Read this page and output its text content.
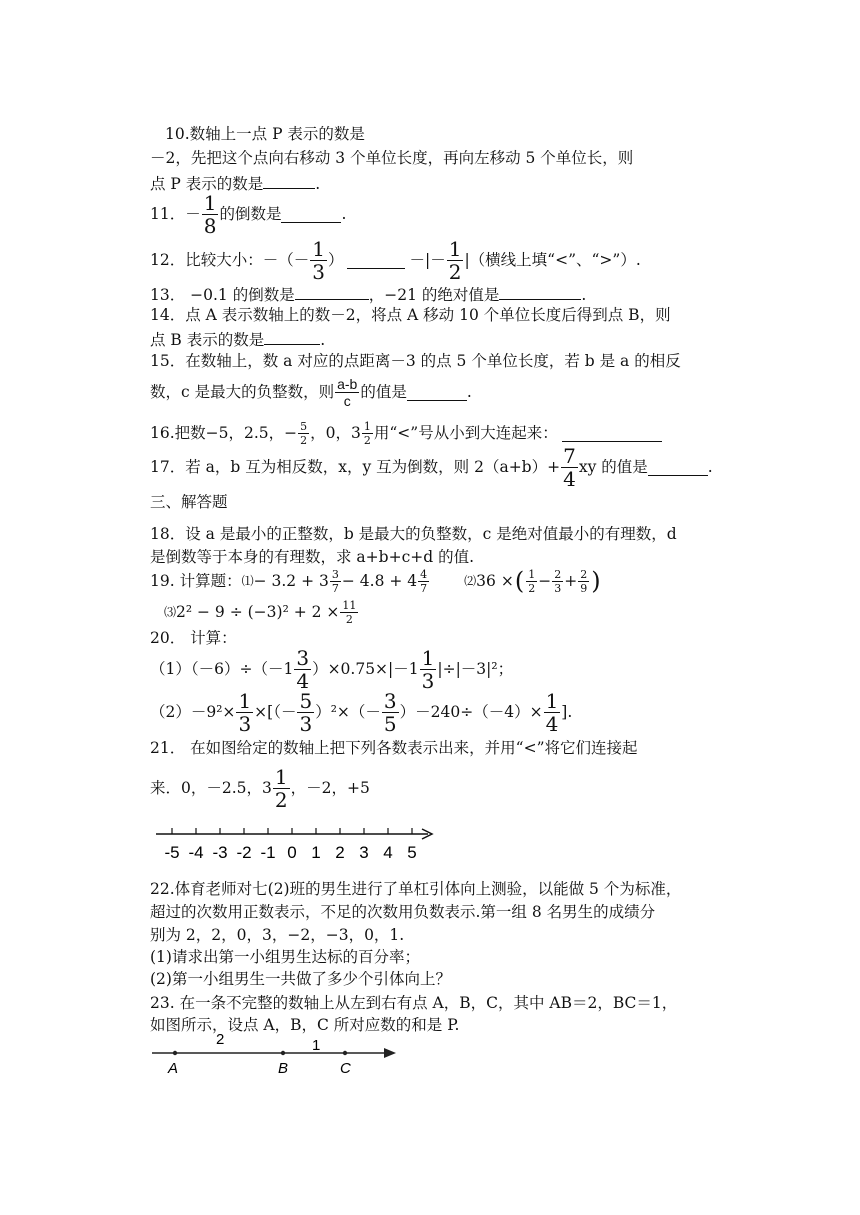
10.数轴上一点 P 表示的数是
－2，先把这个点向右移动 3 个单位长度，再向左移动 5 个单位长，则
点 P 表示的数是	.
11．－ $\frac{1}{8}$ 的倒数是	.
12．比较大小：－（－ $\frac{1}{3}$ ）	－|－ $\frac{1}{2}$ |（横线上填“<”、“>”）.
13． −0.1 的倒数是	，−21 的绝对值是	.
14．点 A 表示数轴上的数－2，将点 A 移动 10 个单位长度后得到点 B，则
点 B 表示的数是	.
15．在数轴上，数 a 对应的点距离－3 的点 5 个单位长度，若 b 是 a 的相反
数，c 是最大的负整数，则 $\frac{a-b}{c}$ 的值是	.
16.把数−5，2.5，− $\frac{5}{2}$ ，0，$3 \frac{1}{2}$ 用“<”号从小到大连起来：
17．若 a，b 互为相反数，x，y 互为倒数，则 $2(a+b)+ \frac{7}{4}$ xy 的值是	.
三、解答题
18．设 a 是最小的正整数，b 是最大的负整数，c 是绝对值最小的有理数，d
是倒数等于本身的有理数，求 a+b+c+d 的值.
19. 计算题： ⑴ − $3.2 + 3 \frac{3}{7} - 4.8 + 4 \frac{4}{7}$	⑵ 36 × ( $\frac{1}{2} - \frac{2}{3} + \frac{2}{9}$ )
⑶ $2^2 - 9 \div (-3)^2 + 2 \times \frac{11}{2}$
20． 计算：
$(1)(-6)\div(-1 \frac{3}{4} )\times 0.75\times|-1 \frac{1}{3} |\div|-3|^2$；
$(2)-9^2\times \frac{1}{3}$ ×[（－ $\frac{5}{3} )^2\times(- \frac{3}{5} )-240\div(-4)\times \frac{1}{4}$ ].
21． 在如图给定的数轴上把下列各数表示出来，并用“<”将它们连接起
来．0，－2.5，$3 \frac{1}{2}$ ，－2，+5
-5 -4 -3 -2 -1 0 1 2 3 4 5
22.体育老师对七(2)班的男生进行了单杠引体向上测验，以能做 5 个为标准，
超过的次数用正数表示，不足的次数用负数表示.第一组 8 名男生的成绩分
别为 2，2，0，3，−2，−3，0，1.
(1)请求出第一小组男生达标的百分率；
(2)第一小组男生一共做了多少个引体向上？
23. 在一条不完整的数轴上从左到右有点 A，B，C，其中 AB＝2，BC＝1，
如图所示，设点 A，B，C 所对应数的和是 P.
2	1
A	B	C
